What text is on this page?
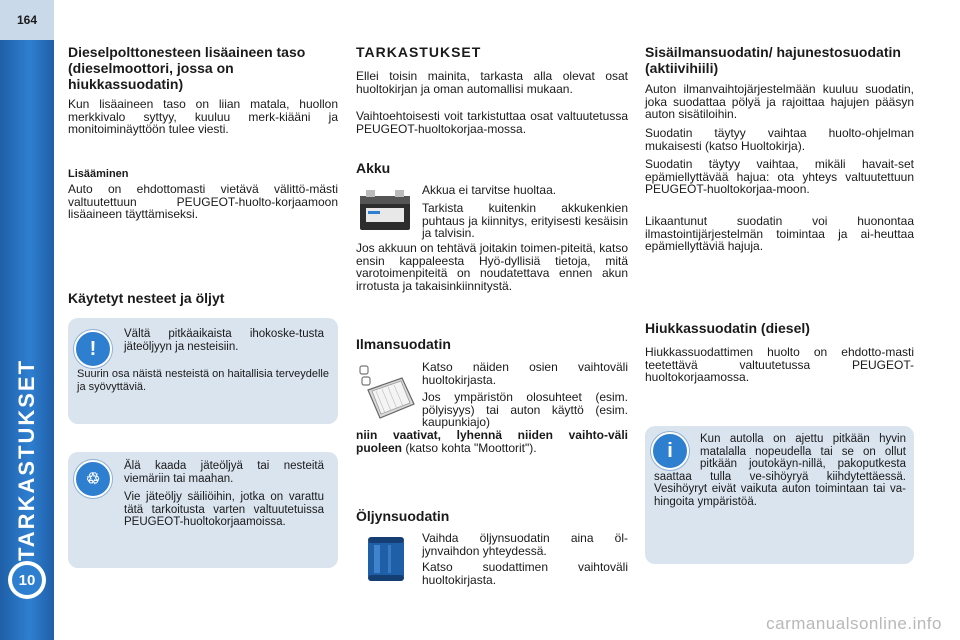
164
TARKASTUKSET
10
Dieselpolttonesteen lisäaineen taso (dieselmoottori, jossa on hiukkassuodatin)

Kun lisäaineen taso on liian matala, huollon merkkivalo syttyy, kuuluu merk-kiääni ja monitoiminäyttöön tulee viesti.

Lisääminen

Auto on ehdottomasti vietävä välittö-mästi valtuutettuun PEUGEOT-huolto-korjaamoon lisäaineen täyttämiseksi.

Käytetyt nesteet ja öljyt
!

Vältä pitkäaikaista ihokoske-tusta jäteöljyyn ja nesteisiin.

Suurin osa näistä nesteistä on haitallisia terveydelle ja syövyttäviä.

♲

Älä kaada jäteöljyä tai nesteitä viemäriin tai maahan.

Vie jäteöljy säiliöihin, jotka on varattu tätä tarkoitusta varten valtuutetuissa PEUGEOT-huoltokorjaamoissa.

TARKASTUKSET

Ellei toisin mainita, tarkasta alla olevat osat huoltokirjan ja oman automallisi mukaan.

Vaihtoehtoisesti voit tarkistuttaa osat valtuutetussa PEUGEOT-huoltokorjaa-mossa.

Akku

Akkua ei tarvitse huoltaa.

Tarkista kuitenkin akkukenkien puhtaus ja kiinnitys, erityisesti kesäisin ja talvisin.

Jos akkuun on tehtävä joitakin toimen-piteitä, katso ensin kappaleesta Hyö-dyllisiä tietoja, mitä varotoimenpiteitä on noudatettava ennen akun irrotusta ja takaisinkiinnitystä.

Ilmansuodatin

Katso näiden osien vaihtoväli huoltokirjasta.

Jos ympäristön olosuhteet (esim. pölyisyys) tai auton käyttö (esim. kaupunkiajo)

niin vaativat, lyhennä niiden vaihto-väli puoleen (katso kohta "Moottorit").

Öljynsuodatin

Vaihda öljynsuodatin aina öl-jynvaihdon yhteydessä.

Katso suodattimen vaihtoväli huoltokirjasta.

Sisäilmansuodatin/ hajunestosuodatin (aktiivihiili)

Auton ilmanvaihtojärjestelmään kuuluu suodatin, joka suodattaa pölyä ja rajoittaa hajujen pääsyn auton sisätiloihin.

Suodatin täytyy vaihtaa huolto-ohjelman mukaisesti (katso Huoltokirja).

Suodatin täytyy vaihtaa, mikäli havait-set epämiellyttävää hajua: ota yhteys valtuutettuun PEUGEOT-huoltokorjaa-moon.

Likaantunut suodatin voi huonontaa ilmastointijärjestelmän toimintaa ja ai-heuttaa epämiellyttäviä hajuja.

Hiukkassuodatin (diesel)

Hiukkassuodattimen huolto on ehdotto-masti teetettävä valtuutetussa PEUGEOT-huoltokorjaamossa.

i

Kun autolla on ajettu pitkään hyvin matalalla nopeudella tai se on ollut pitkään joutokäyn-nillä, pakoputkesta saattaa tulla ve-sihöyryä kiihdytettäessä. Vesihöyryt eivät vaikuta auton toimintaan tai va-hingoita ympäristöä.

carmanualsonline.info
